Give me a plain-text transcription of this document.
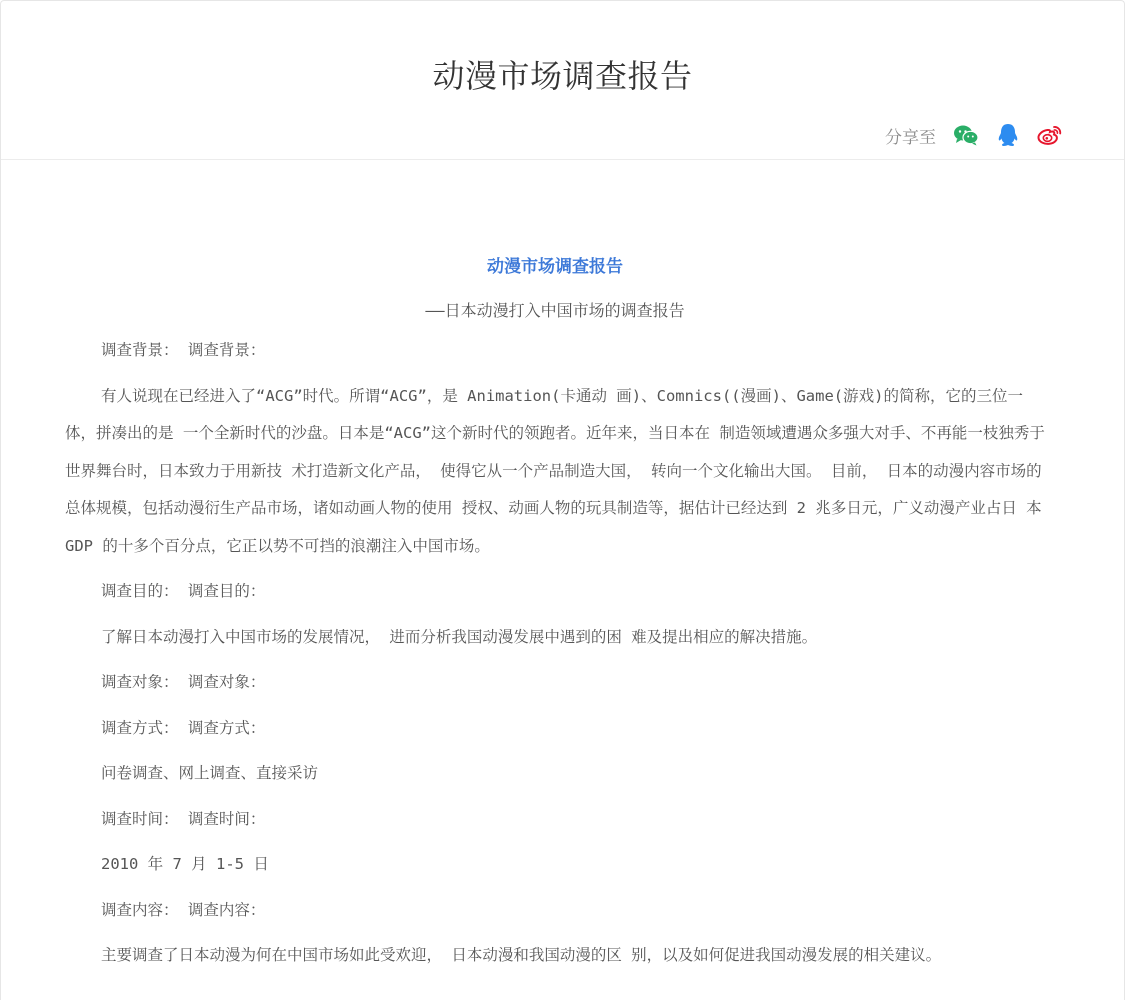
动漫市场调查报告
分享至
动漫市场调查报告
——日本动漫打入中国市场的调查报告

调查背景： 调查背景：

有人说现在已经进入了“ACG”时代。所谓“ACG”，是 Animation(卡通动 画)、Comnics((漫画)、Game(游戏)的简称，它的三位一体，拼凑出的是 一个全新时代的沙盘。日本是“ACG”这个新时代的领跑者。近年来，当日本在 制造领域遭遇众多强大对手、不再能一枝独秀于世界舞台时，日本致力于用新技 术打造新文化产品， 使得它从一个产品制造大国， 转向一个文化输出大国。 目前， 日本的动漫内容市场的总体规模，包括动漫衍生产品市场，诸如动画人物的使用 授权、动画人物的玩具制造等，据估计已经达到 2 兆多日元，广义动漫产业占日 本 GDP 的十多个百分点，它正以势不可挡的浪潮注入中国市场。

调查目的： 调查目的：

了解日本动漫打入中国市场的发展情况， 进而分析我国动漫发展中遇到的困 难及提出相应的解决措施。

调查对象： 调查对象：

调查方式： 调查方式：

问卷调查、网上调查、直接采访

调查时间： 调查时间：

2010 年 7 月 1-5 日

调查内容： 调查内容：

主要调查了日本动漫为何在中国市场如此受欢迎， 日本动漫和我国动漫的区 别，以及如何促进我国动漫发展的相关建议。
